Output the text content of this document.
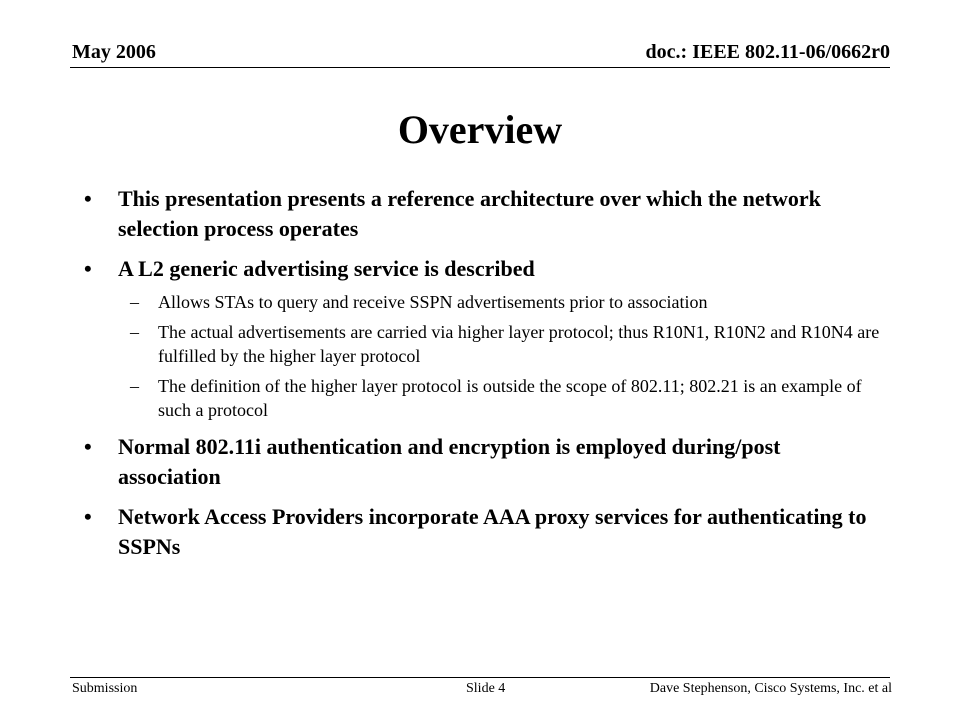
May 2006	doc.: IEEE 802.11-06/0662r0
Overview
•	This presentation presents a reference architecture over which the network selection process operates
•	A L2 generic advertising service is described
– Allows STAs to query and receive SSPN advertisements prior to association
– The actual advertisements are carried via higher layer protocol; thus R10N1, R10N2 and R10N4 are fulfilled by the higher layer protocol
– The definition of the higher layer protocol is outside the scope of 802.11; 802.21 is an example of such a protocol
•	Normal 802.11i authentication and encryption is employed during/post association
•	Network Access Providers incorporate AAA proxy services for authenticating to SSPNs
Submission	Slide 4	Dave Stephenson, Cisco Systems, Inc. et al
